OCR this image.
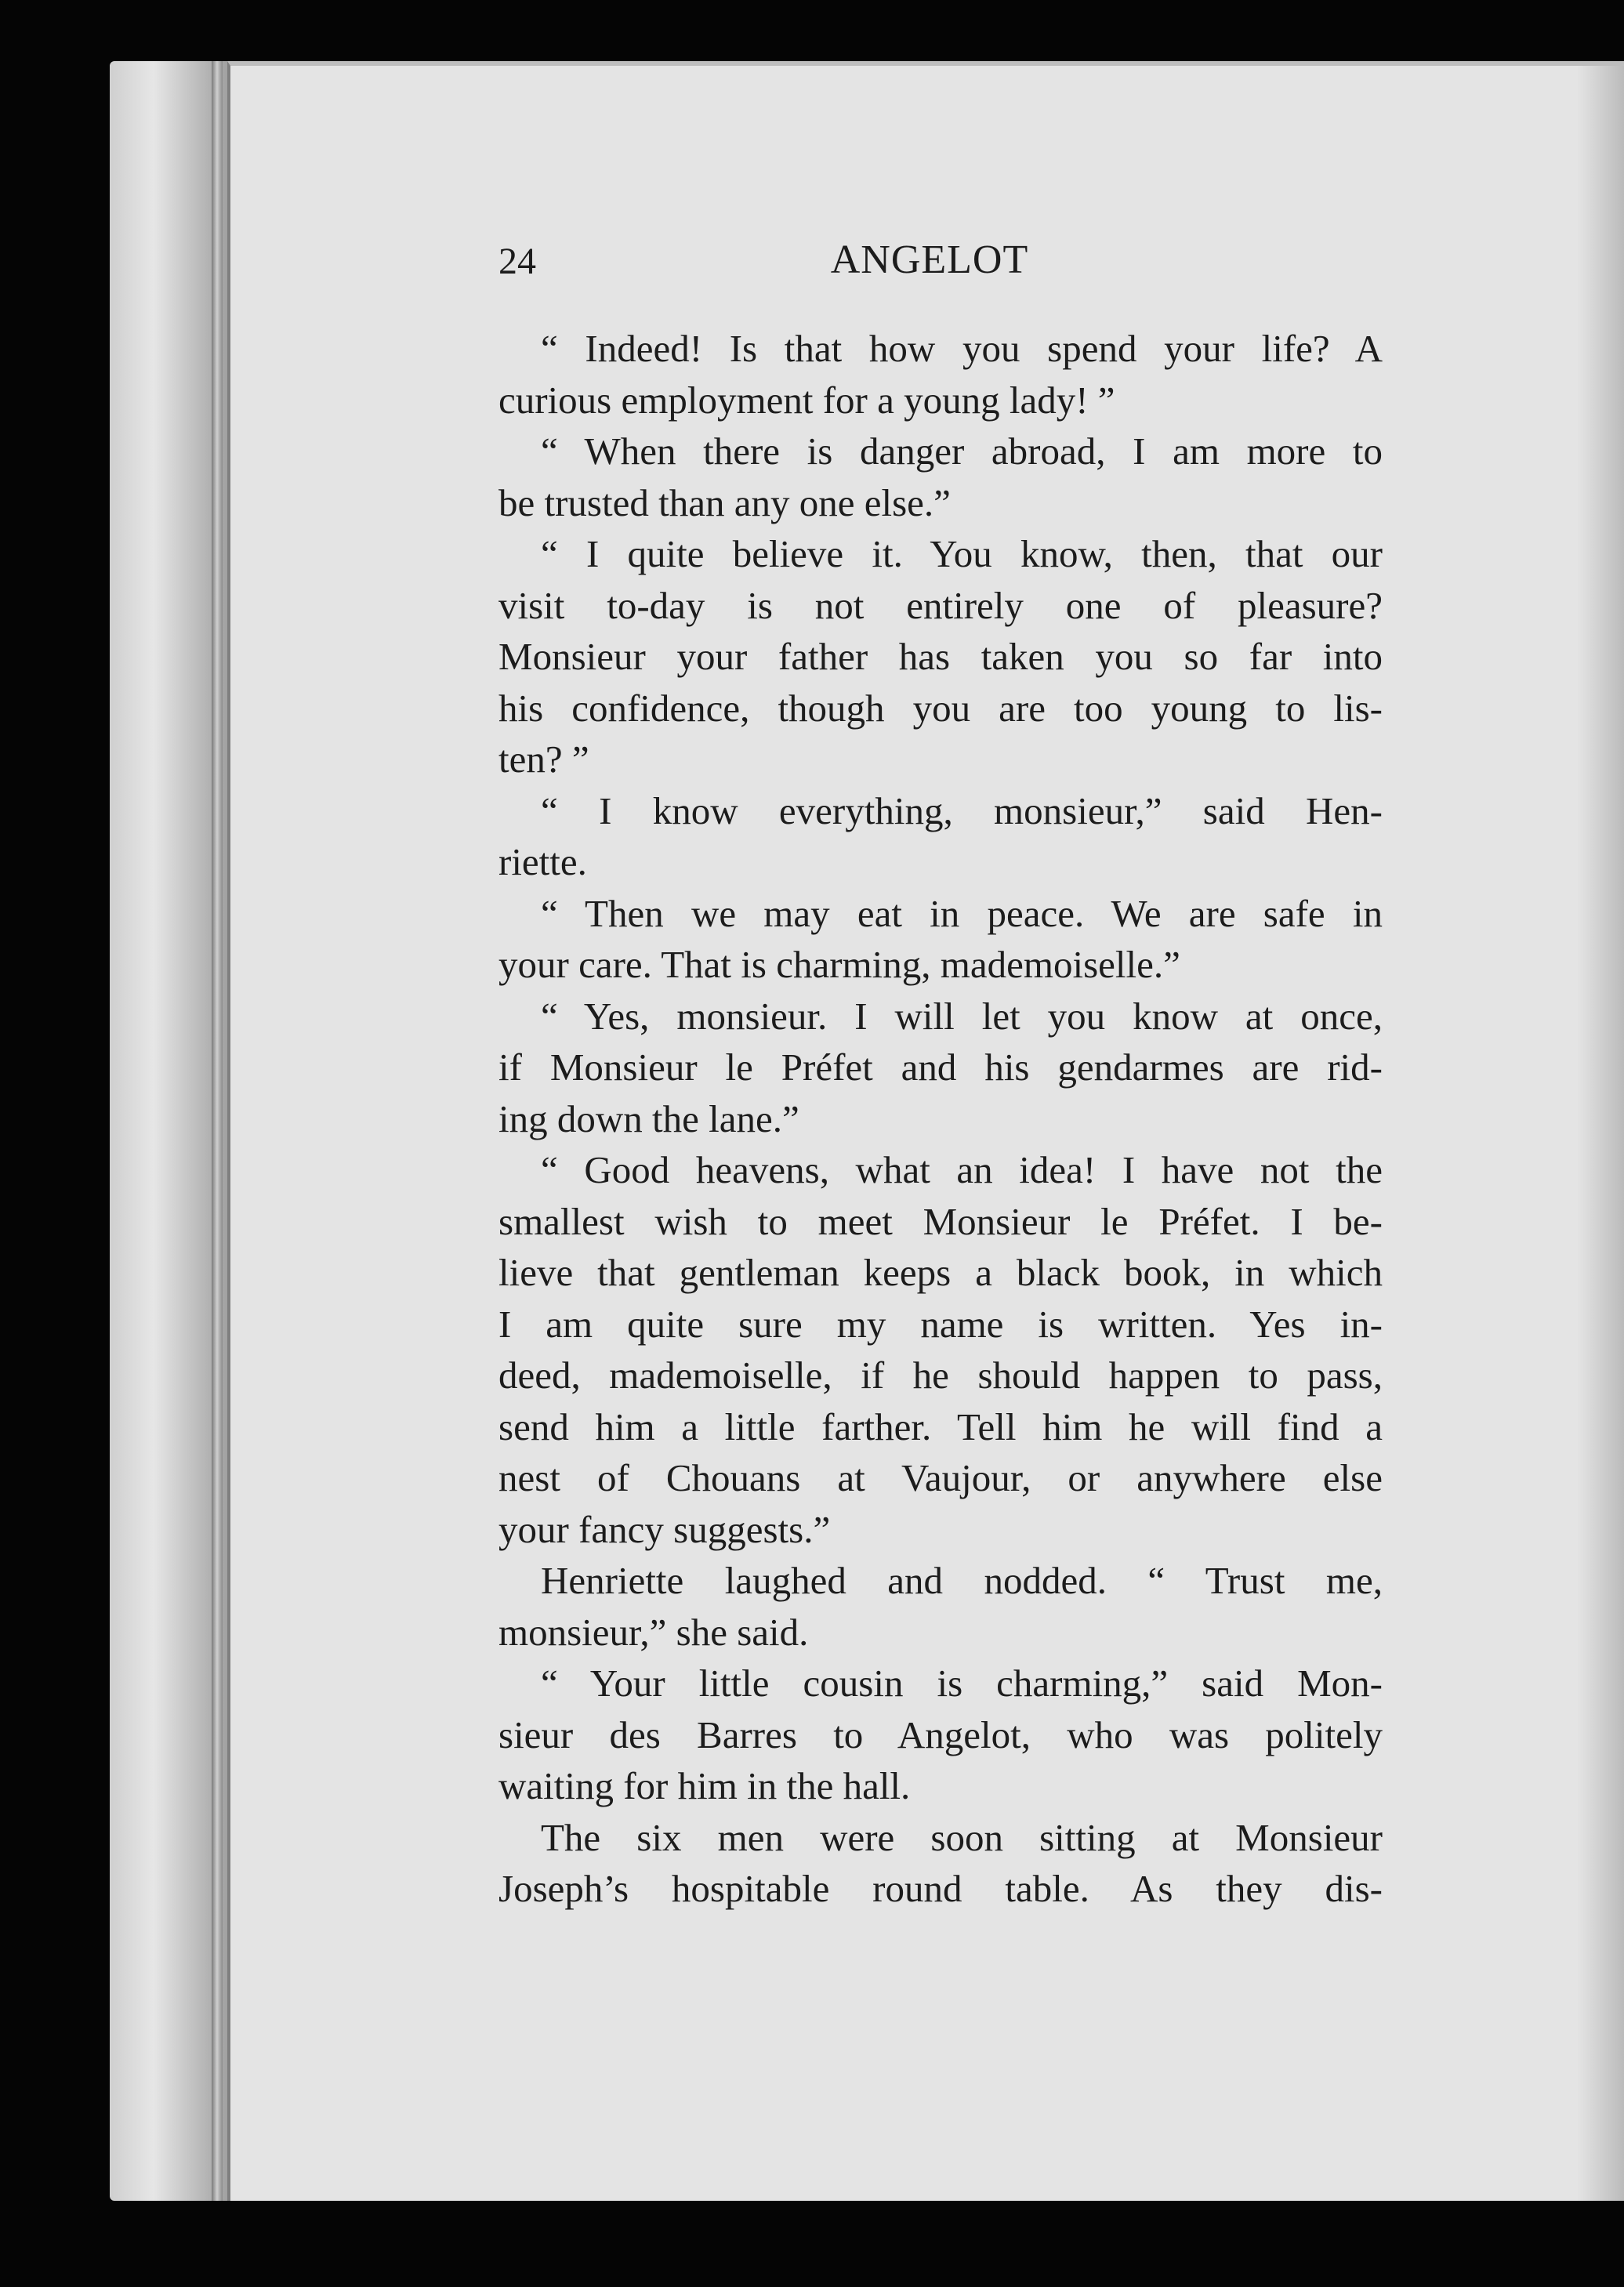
24	ANGELOT
“ Indeed! Is that how you spend your life? A
curious employment for a young lady! ”
“ When there is danger abroad, I am more to
be trusted than any one else.”
“ I quite believe it. You know, then, that our
visit to-day is not entirely one of pleasure?
Monsieur your father has taken you so far into
his confidence, though you are too young to lis-
ten? ”
“ I know everything, monsieur,” said Hen-
riette.
“ Then we may eat in peace. We are safe in
your care. That is charming, mademoiselle.”
“ Yes, monsieur. I will let you know at once,
if Monsieur le Préfet and his gendarmes are rid-
ing down the lane.”
“ Good heavens, what an idea! I have not the
smallest wish to meet Monsieur le Préfet. I be-
lieve that gentleman keeps a black book, in which
I am quite sure my name is written. Yes in-
deed, mademoiselle, if he should happen to pass,
send him a little farther. Tell him he will find a
nest of Chouans at Vaujour, or anywhere else
your fancy suggests.”
Henriette laughed and nodded. “ Trust me,
monsieur,” she said.
“ Your little cousin is charming,” said Mon-
sieur des Barres to Angelot, who was politely
waiting for him in the hall.
The six men were soon sitting at Monsieur
Joseph’s hospitable round table. As they dis-
